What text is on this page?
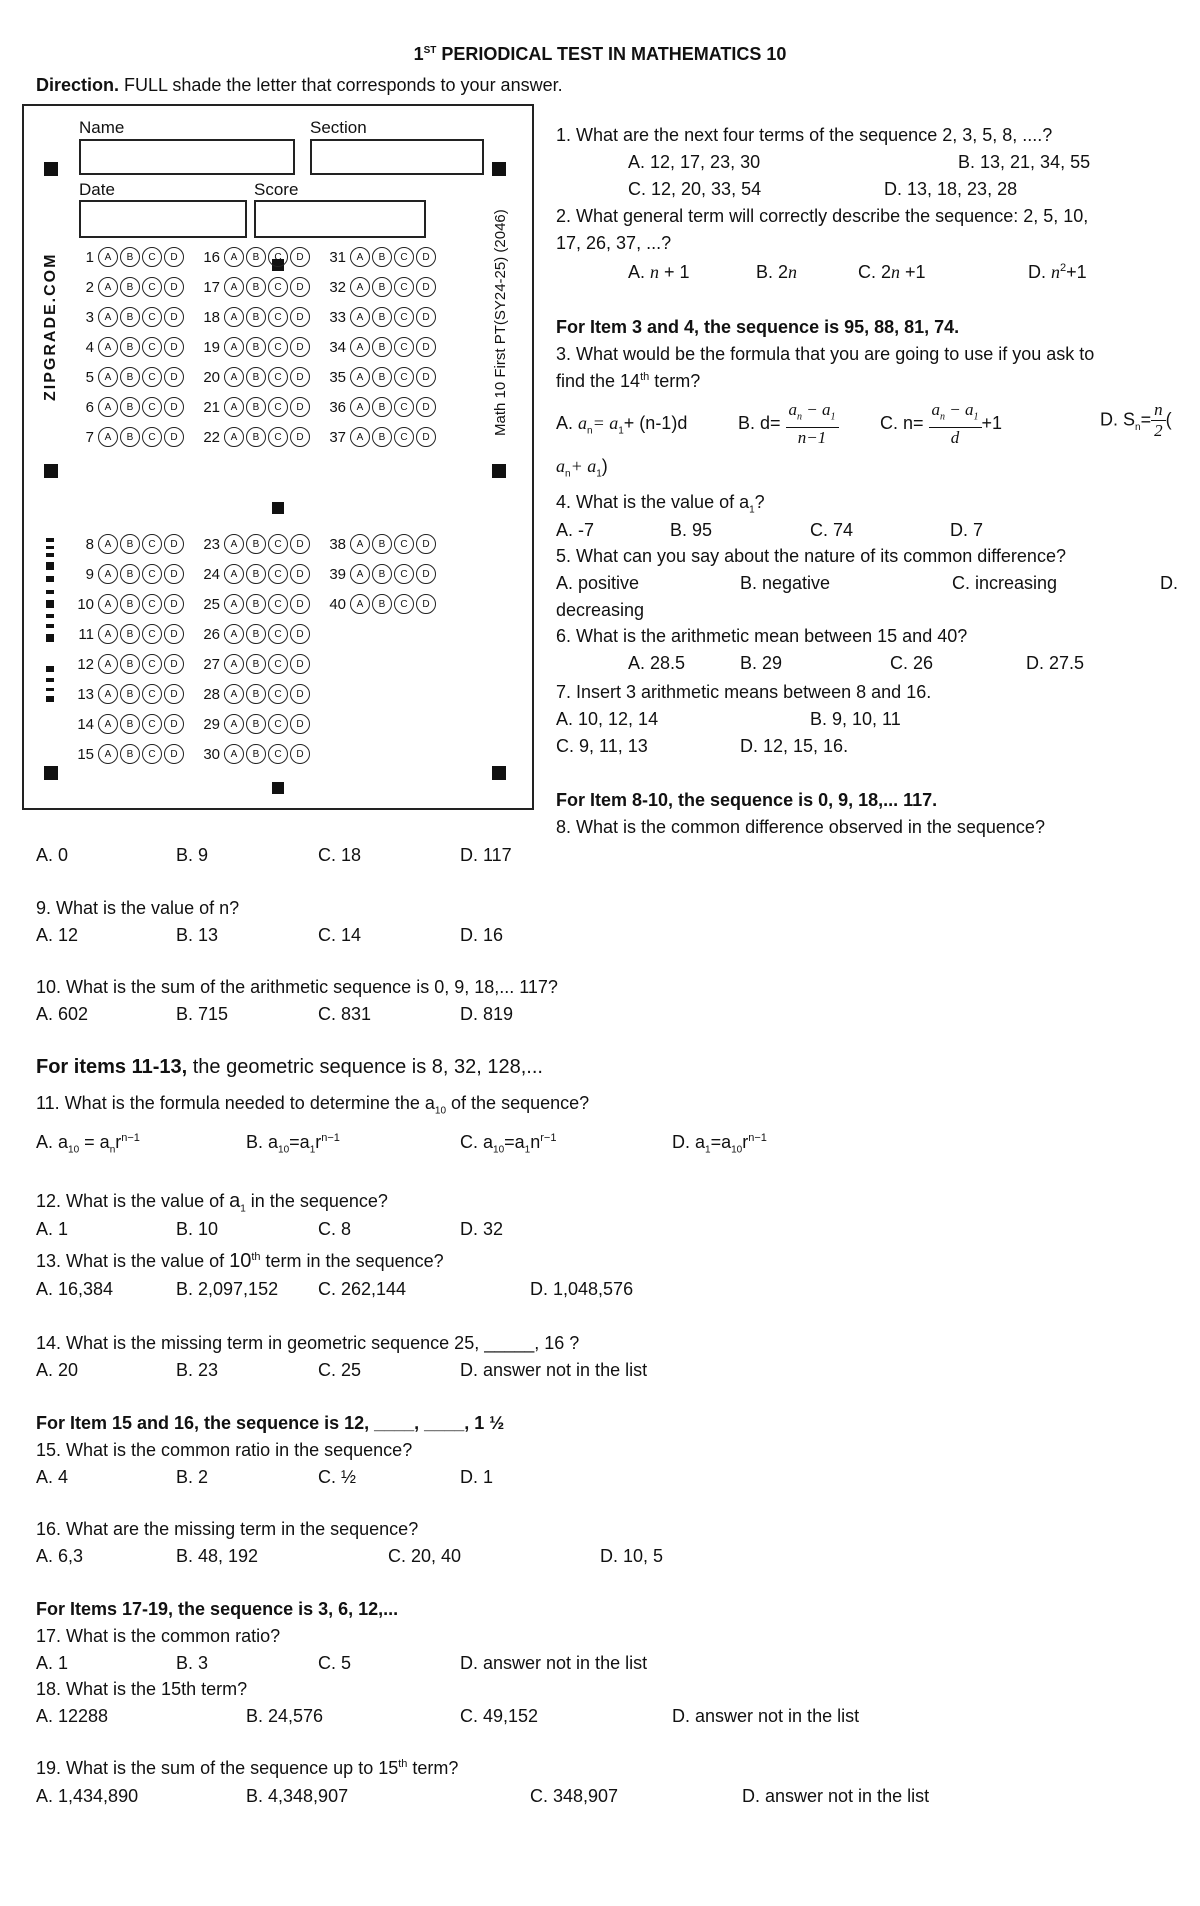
1ST PERIODICAL TEST IN MATHEMATICS 10
Direction. FULL shade the letter that corresponds to your answer.
Name	Section
Date	Score
ZIPGRADE.COM	Math 10 First PT(SY24-25) (2046)
1	A	B	C	D	16	A	B	C	D	31	A	B	C	D
2	A	B	C	D	17	A	B	C	D	32	A	B	C	D
3	A	B	C	D	18	A	B	C	D	33	A	B	C	D
4	A	B	C	D	19	A	B	C	D	34	A	B	C	D
5	A	B	C	D	20	A	B	C	D	35	A	B	C	D
6	A	B	C	D	21	A	B	C	D	36	A	B	C	D
7	A	B	C	D	22	A	B	C	D	37	A	B	C	D
8	A	B	C	D	23	A	B	C	D	38	A	B	C	D
9	A	B	C	D	24	A	B	C	D	39	A	B	C	D
10	A	B	C	D	25	A	B	C	D	40	A	B	C	D
11	A	B	C	D	26	A	B	C	D
12	A	B	C	D	27	A	B	C	D
13	A	B	C	D	28	A	B	C	D
14	A	B	C	D	29	A	B	C	D
15	A	B	C	D	30	A	B	C	D
1. What are the next four terms of the sequence 2, 3, 5, 8, ....?
A. 12, 17, 23, 30	B. 13, 21, 34, 55
C. 12, 20, 33, 54	D. 13, 18, 23, 28
2. What general term will correctly describe the sequence: 2, 5, 10,
17, 26, 37, ...?
A. n + 1	B. 2n	C. 2n +1	D. $n^2+1$
For Item 3 and 4, the sequence is 95, 88, 81, 74.
3. What would be the formula that you are going to use if you ask to
find the 14th term?
A. $a_n= a_1+ (n-1)d$	B. $d= \frac{a_n - a_1}{n-1} C$. $n= \frac{a_n - a_1}{d} +1$	D. $S_n= \frac{n}{2}$ (
$a_n+ a_1$)
4. What is the value of $a_1$?
A. -7	B. 95	C. 74	D. 7
5. What can you say about the nature of its common difference?
A. positive	B. negative	C. increasing	D.
decreasing
6. What is the arithmetic mean between 15 and 40?
A. 28.5	B. 29	C. 26	D. 27.5
7. Insert 3 arithmetic means between 8 and 16.
A. 10, 12, 14	B. 9, 10, 11
C. 9, 11, 13	D. 12, 15, 16.
For Item 8-10, the sequence is 0, 9, 18,... 117.
8. What is the common difference observed in the sequence?
A. 0	B. 9	C. 18	D. 117
9. What is the value of n?
A. 12	B. 13	C. 14	D. 16
10. What is the sum of the arithmetic sequence is 0, 9, 18,... 117?
A. 602	B. 715	C. 831	D. 819
For items 11-13, the geometric sequence is 8, 32, 128,...
11. What is the formula needed to determine the $a_{10}$ of the sequence?
A. $a_{10} = a_nr^{n-1}$	B. $a_{10}=a_1r^{n-1}$	C. $a_{10}=a_1n^{r-1}$	D. $a_1=a_{10}r^{n-1}$
12. What is the value of $a_1$ in the sequence?
A. 1	B. 10	C. 8	D. 32
13. What is the value of 10th term in the sequence?
A. 16,384	B. 2,097,152 C. 262,144	D. 1,048,576
14. What is the missing term in geometric sequence 25, _____, 16 ?
A. 20	B. 23	C. 25	D. answer not in the list
For Item 15 and 16, the sequence is 12, ____, ____, 1 ½
15. What is the common ratio in the sequence?
A. 4	B. 2	C. ½	D. 1
16. What are the missing term in the sequence?
A. 6,3	B. 48, 192	C. 20, 40	D. 10, 5
For Items 17-19, the sequence is 3, 6, 12,...
17. What is the common ratio?
A. 1	B. 3	C. 5	D. answer not in the list
18. What is the 15th term?
A. 12288	B. 24,576	C. 49,152	D. answer not in the list
19. What is the sum of the sequence up to 15th term?
A. 1,434,890	B. 4,348,907	C. 348,907	D. answer not in the list
